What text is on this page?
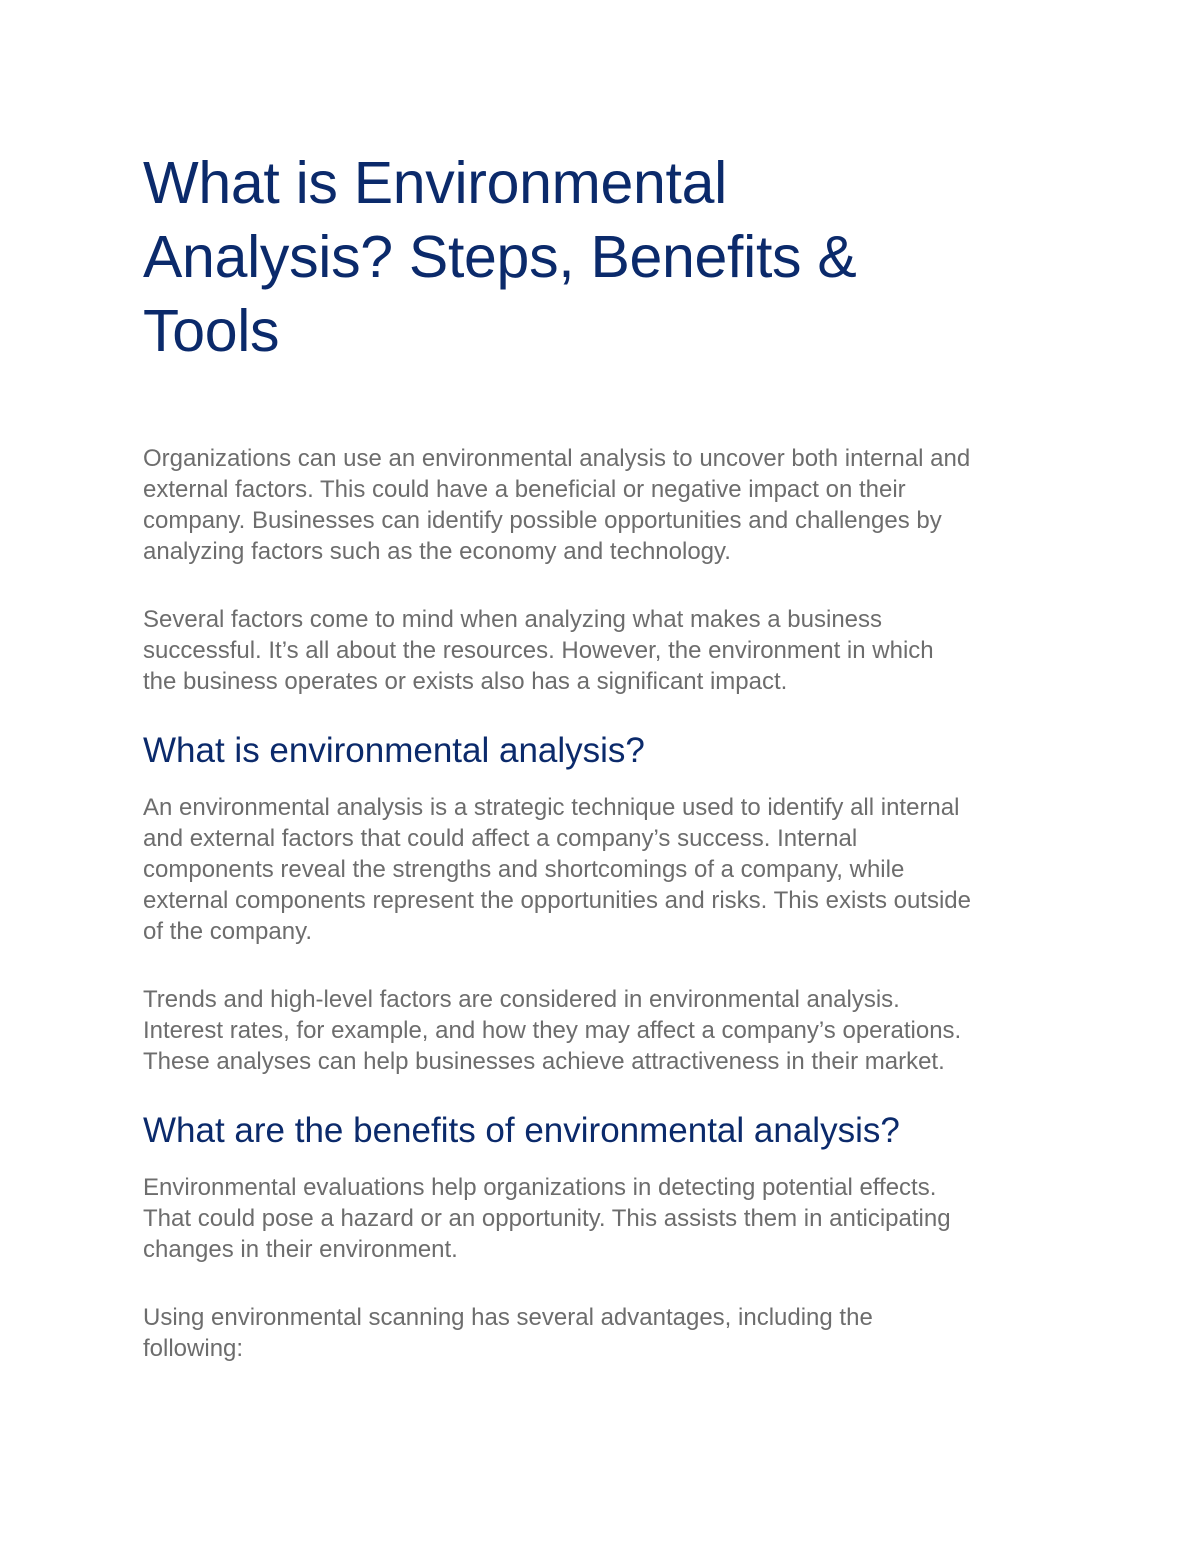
What is Environmental
Analysis? Steps, Benefits &
Tools

Organizations can use an environmental analysis to uncover both internal and
external factors. This could have a beneficial or negative impact on their
company. Businesses can identify possible opportunities and challenges by
analyzing factors such as the economy and technology.

Several factors come to mind when analyzing what makes a business
successful. It’s all about the resources. However, the environment in which
the business operates or exists also has a significant impact.

What is environmental analysis?

An environmental analysis is a strategic technique used to identify all internal
and external factors that could affect a company’s success. Internal
components reveal the strengths and shortcomings of a company, while
external components represent the opportunities and risks. This exists outside
of the company.

Trends and high-level factors are considered in environmental analysis.
Interest rates, for example, and how they may affect a company’s operations.
These analyses can help businesses achieve attractiveness in their market.

What are the benefits of environmental analysis?

Environmental evaluations help organizations in detecting potential effects.
That could pose a hazard or an opportunity. This assists them in anticipating
changes in their environment.

Using environmental scanning has several advantages, including the
following:
